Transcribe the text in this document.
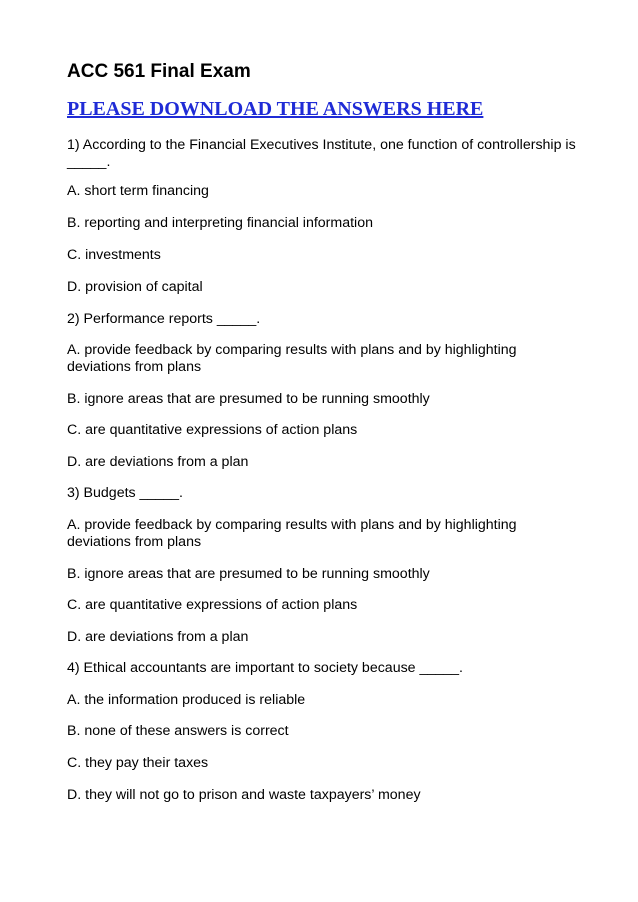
ACC 561 Final Exam
PLEASE DOWNLOAD THE ANSWERS HERE
1) According to the Financial Executives Institute, one function of controllership is
_____.
A. short term financing
B. reporting and interpreting financial information
C. investments
D. provision of capital
2) Performance reports _____.
A. provide feedback by comparing results with plans and by highlighting
deviations from plans
B. ignore areas that are presumed to be running smoothly
C. are quantitative expressions of action plans
D. are deviations from a plan
3) Budgets _____.
A. provide feedback by comparing results with plans and by highlighting
deviations from plans
B. ignore areas that are presumed to be running smoothly
C. are quantitative expressions of action plans
D. are deviations from a plan
4) Ethical accountants are important to society because _____.
A. the information produced is reliable
B. none of these answers is correct
C. they pay their taxes
D. they will not go to prison and waste taxpayers’ money
